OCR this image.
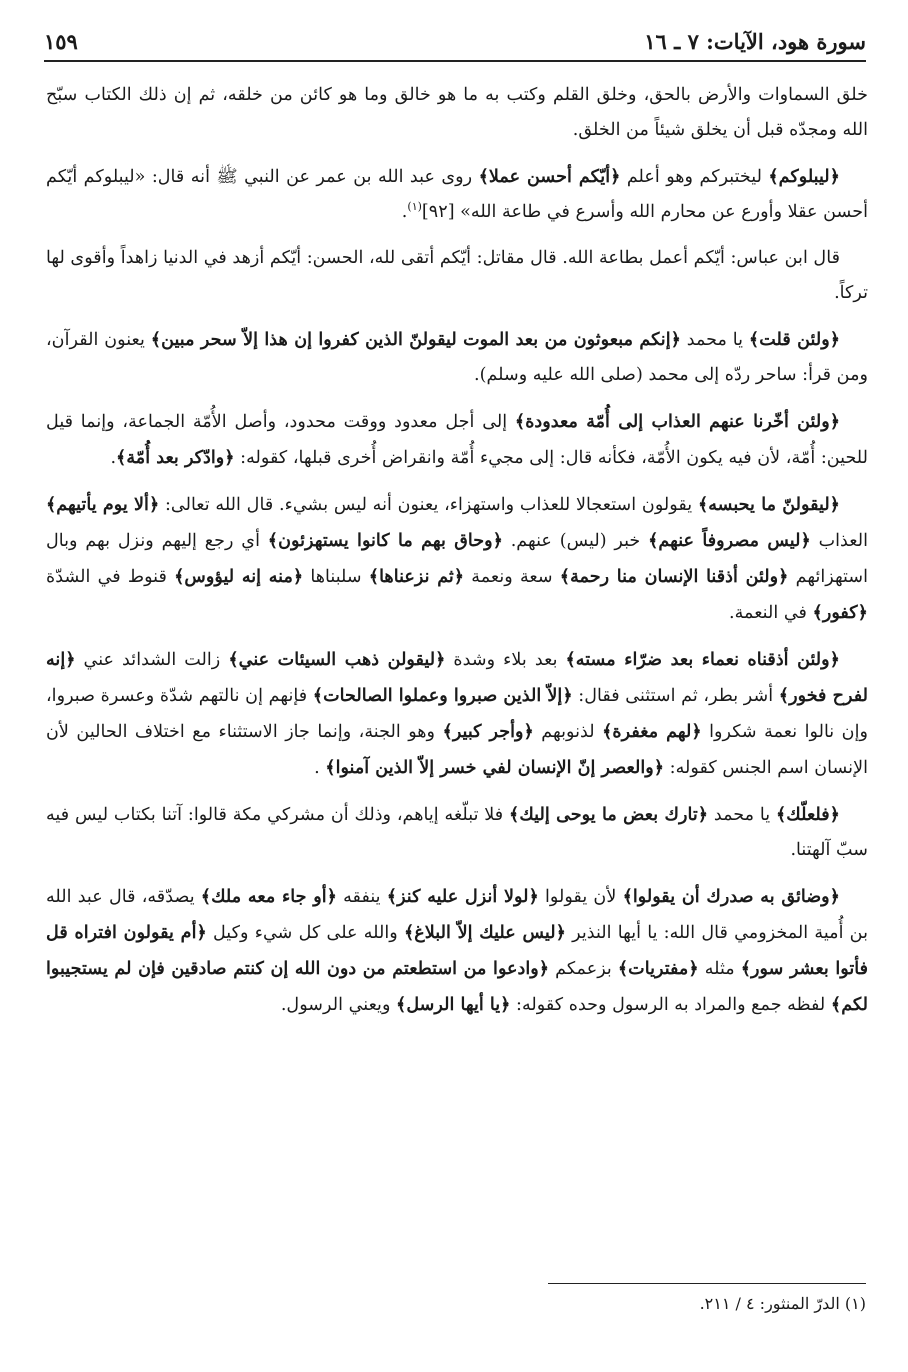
سورة هود، الآيات: ٧ ـ ١٦
١٥٩

خلق السماوات والأرض بالحق، وخلق القلم وكتب به ما هو خالق وما هو كائن من خلقه، ثم إن ذلك الكتاب سبّح الله ومجدّه قبل أن يخلق شيئاً من الخلق.

﴿ليبلوكم﴾ ليختبركم وهو أعلم ﴿أيّكم أحسن عملا﴾ روى عبد الله بن عمر عن النبي ﷺ أنه قال: «ليبلوكم أيّكم أحسن عقلا وأورع عن محارم الله وأسرع في طاعة الله» [٩٢]$^{(١)}$.

قال ابن عباس: أيّكم أعمل بطاعة الله. قال مقاتل: أيّكم أتقى لله، الحسن: أيّكم أزهد في الدنيا زاهداً وأقوى لها تركاً.

﴿ولئن قلت﴾ يا محمد ﴿إنكم مبعوثون من بعد الموت ليقولنّ الذين كفروا إن هذا إلاّ سحر مبين﴾ يعنون القرآن، ومن قرأ: ساحر ردّه إلى محمد (صلى الله عليه وسلم).

﴿ولئن أخّرنا عنهم العذاب إلى أُمّة معدودة﴾ إلى أجل معدود ووقت محدود، وأصل الأُمّة الجماعة، وإنما قيل للحين: أُمّة، لأن فيه يكون الأُمّة، فكأنه قال: إلى مجيء أُمّة وانقراض أُخرى قبلها، كقوله: ﴿وادّكر بعد أُمّة﴾.

﴿ليقولنّ ما يحبسه﴾ يقولون استعجالا للعذاب واستهزاء، يعنون أنه ليس بشيء. قال الله تعالى: ﴿ألا يوم يأتيهم﴾ العذاب ﴿ليس مصروفاً عنهم﴾ خبر (ليس) عنهم. ﴿وحاق بهم ما كانوا يستهزئون﴾ أي رجع إليهم ونزل بهم وبال استهزائهم ﴿ولئن أذقنا الإنسان منا رحمة﴾ سعة ونعمة ﴿ثم نزعناها﴾ سلبناها ﴿منه إنه ليؤوس﴾ قنوط في الشدّة ﴿كفور﴾ في النعمة.

﴿ولئن أذقناه نعماء بعد ضرّاء مسته﴾ بعد بلاء وشدة ﴿ليقولن ذهب السيئات عني﴾ زالت الشدائد عني ﴿إنه لفرح فخور﴾ أشر بطر، ثم استثنى فقال: ﴿إلاّ الذين صبروا وعملوا الصالحات﴾ فإنهم إن نالتهم شدّة وعسرة صبروا، وإن نالوا نعمة شكروا ﴿لهم مغفرة﴾ لذنوبهم ﴿وأجر كبير﴾ وهو الجنة، وإنما جاز الاستثناء مع اختلاف الحالين لأن الإنسان اسم الجنس كقوله: ﴿والعصر إنّ الإنسان لفي خسر إلاّ الذين آمنوا﴾ .

﴿فلعلّك﴾ يا محمد ﴿تارك بعض ما يوحى إليك﴾ فلا تبلّغه إياهم، وذلك أن مشركي مكة قالوا: آتنا بكتاب ليس فيه سبّ آلهتنا.

﴿وضائق به صدرك أن يقولوا﴾ لأن يقولوا ﴿لولا أنزل عليه كنز﴾ ينفقه ﴿أو جاء معه ملك﴾ يصدّقه، قال عبد الله بن أُمية المخزومي قال الله: يا أيها النذير ﴿ليس عليك إلاّ البلاغ﴾ والله على كل شيء وكيل ﴿أم يقولون افتراه قل فأتوا بعشر سور﴾ مثله ﴿مفتريات﴾ بزعمكم ﴿وادعوا من استطعتم من دون الله إن كنتم صادقين فإن لم يستجيبوا لكم﴾ لفظه جمع والمراد به الرسول وحده كقوله: ﴿يا أيها الرسل﴾ ويعني الرسول.

(١) الدرّ المنثور: ٤ / ٢١١.
